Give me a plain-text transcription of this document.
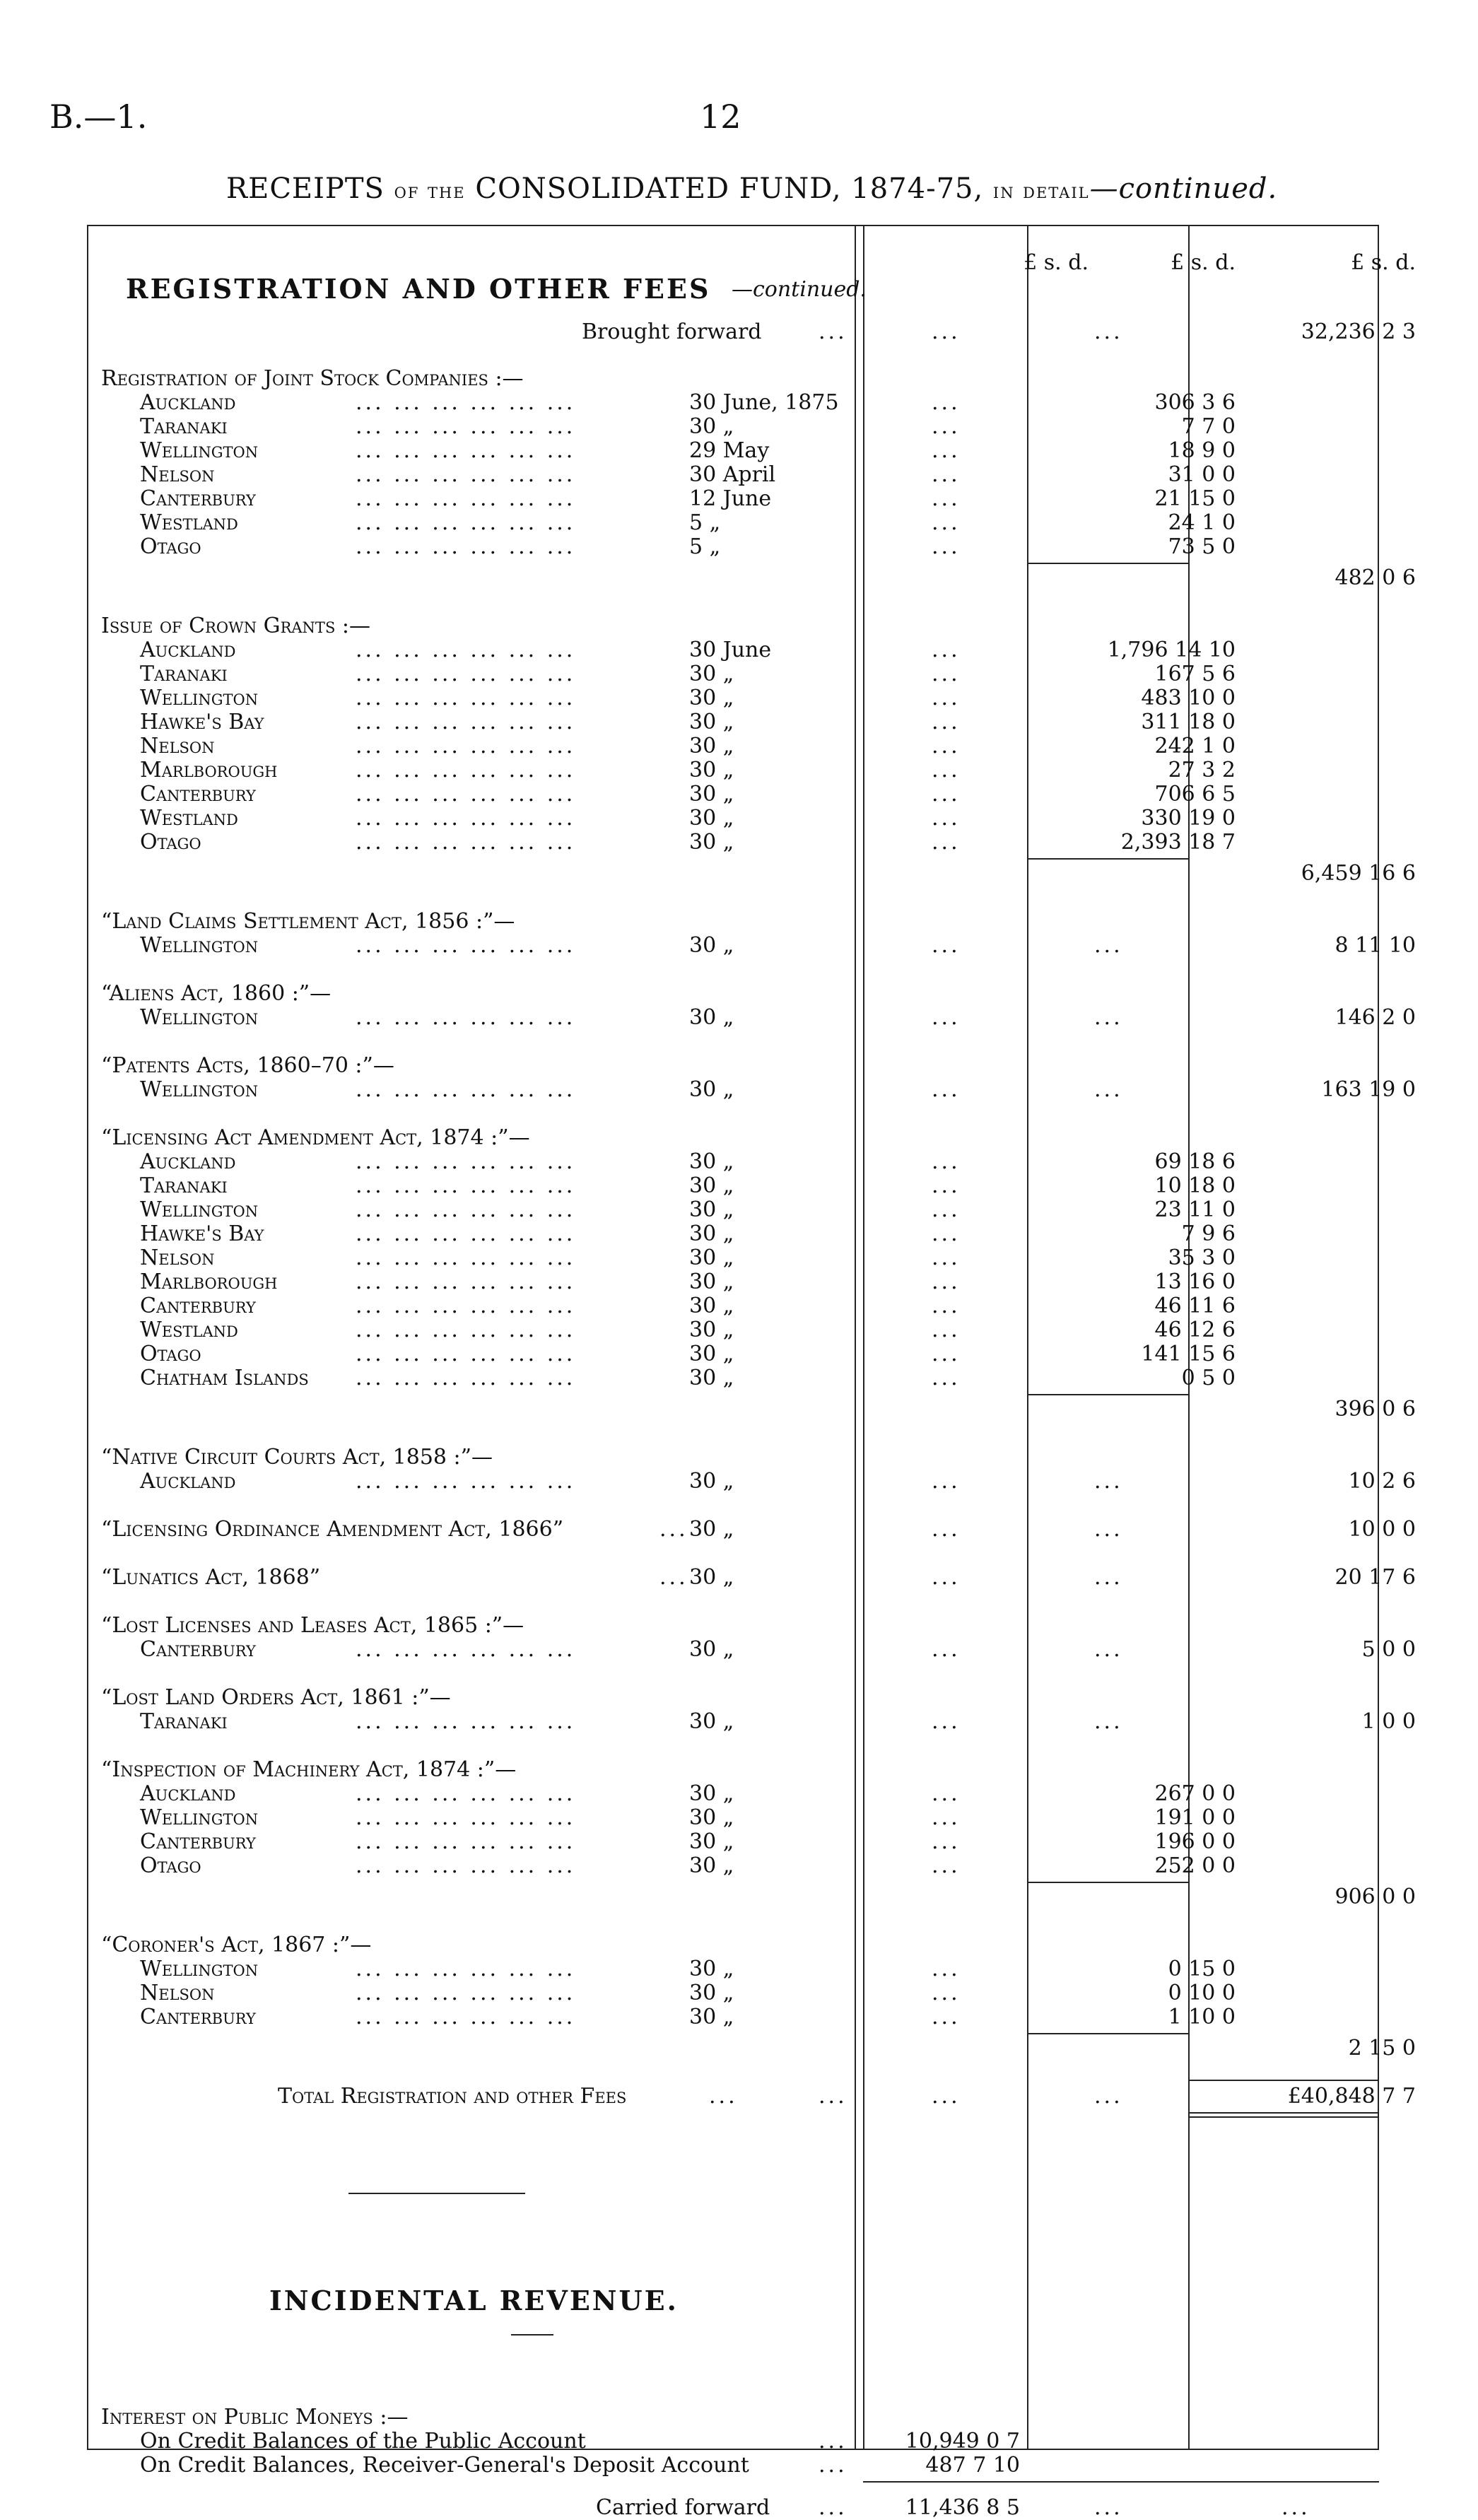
B.—1.	12
RECEIPTS of the CONSOLIDATED FUND, 1874-75, in detail—continued.
£ s. d.	£ s. d.	£ s. d.
REGISTRATION AND OTHER FEES —continued.
Brought forward	...	...	...	32,236 2 3
Registration of Joint Stock Companies :—
Auckland	... ... ... ... ... ...	30 June, 1875	...	306 3 6
Taranaki	... ... ... ... ... ...	30 „	...	7 7 0
Wellington	... ... ... ... ... ...	29 May	...	18 9 0
Nelson	... ... ... ... ... ...	30 April	...	31 0 0
Canterbury	... ... ... ... ... ...	12 June	...	21 15 0
Westland	... ... ... ... ... ...	5 „	...	24 1 0
Otago	... ... ... ... ... ...	5 „	...	73 5 0
482 0 6
Issue of Crown Grants :—
Auckland	... ... ... ... ... ...	30 June	...	1,796 14 10
Taranaki	... ... ... ... ... ...	30 „	...	167 5 6
Wellington	... ... ... ... ... ...	30 „	...	483 10 0
Hawke's Bay	... ... ... ... ... ...	30 „	...	311 18 0
Nelson	... ... ... ... ... ...	30 „	...	242 1 0
Marlborough	... ... ... ... ... ...	30 „	...	27 3 2
Canterbury	... ... ... ... ... ...	30 „	...	706 6 5
Westland	... ... ... ... ... ...	30 „	...	330 19 0
Otago	... ... ... ... ... ...	30 „	...	2,393 18 7
6,459 16 6
“Land Claims Settlement Act, 1856 :”—
Wellington	... ... ... ... ... ...	30 „	...	...	8 11 10
“Aliens Act, 1860 :”—
Wellington	... ... ... ... ... ...	30 „	...	...	146 2 0
“Patents Acts, 1860–70 :”—
Wellington	... ... ... ... ... ...	30 „	...	...	163 19 0
“Licensing Act Amendment Act, 1874 :”—
Auckland	... ... ... ... ... ...	30 „	...	69 18 6
Taranaki	... ... ... ... ... ...	30 „	...	10 18 0
Wellington	... ... ... ... ... ...	30 „	...	23 11 0
Hawke's Bay	... ... ... ... ... ...	30 „	...	7 9 6
Nelson	... ... ... ... ... ...	30 „	...	35 3 0
Marlborough	... ... ... ... ... ...	30 „	...	13 16 0
Canterbury	... ... ... ... ... ...	30 „	...	46 11 6
Westland	... ... ... ... ... ...	30 „	...	46 12 6
Otago	... ... ... ... ... ...	30 „	...	141 15 6
Chatham Islands ... ... ... ... ... ...	30 „	...	0 5 0
396 0 6
“Native Circuit Courts Act, 1858 :”—
Auckland	... ... ... ... ... ...	30 „	...	...	10 2 6
“Licensing Ordinance Amendment Act, 1866”	... 30 „	...	...	10 0 0
“Lunatics Act, 1868”	... 30 „	...	...	20 17 6
“Lost Licenses and Leases Act, 1865 :”—
Canterbury	... ... ... ... ... ...	30 „	...	...	5 0 0
“Lost Land Orders Act, 1861 :”—
Taranaki	... ... ... ... ... ...	30 „	...	...	1 0 0
“Inspection of Machinery Act, 1874 :”—
Auckland	... ... ... ... ... ...	30 „	...	267 0 0
Wellington	... ... ... ... ... ...	30 „	...	191 0 0
Canterbury	... ... ... ... ... ...	30 „	...	196 0 0
Otago	... ... ... ... ... ...	30 „	...	252 0 0
906 0 0
“Coroner's Act, 1867 :”—
Wellington	... ... ... ... ... ...	30 „	...	0 15 0
Nelson	... ... ... ... ... ...	30 „	...	0 10 0
Canterbury	... ... ... ... ... ...	30 „	...	1 10 0
2 15 0
Total Registration and other Fees	...	...	...	...	£40,848 7 7
INCIDENTAL REVENUE.
Interest on Public Moneys :—
On Credit Balances of the Public Account	...	10,949 0 7
On Credit Balances, Receiver-General's Deposit Account	...	487 7 10
Carried forward ...	11,436 8 5	...	...
